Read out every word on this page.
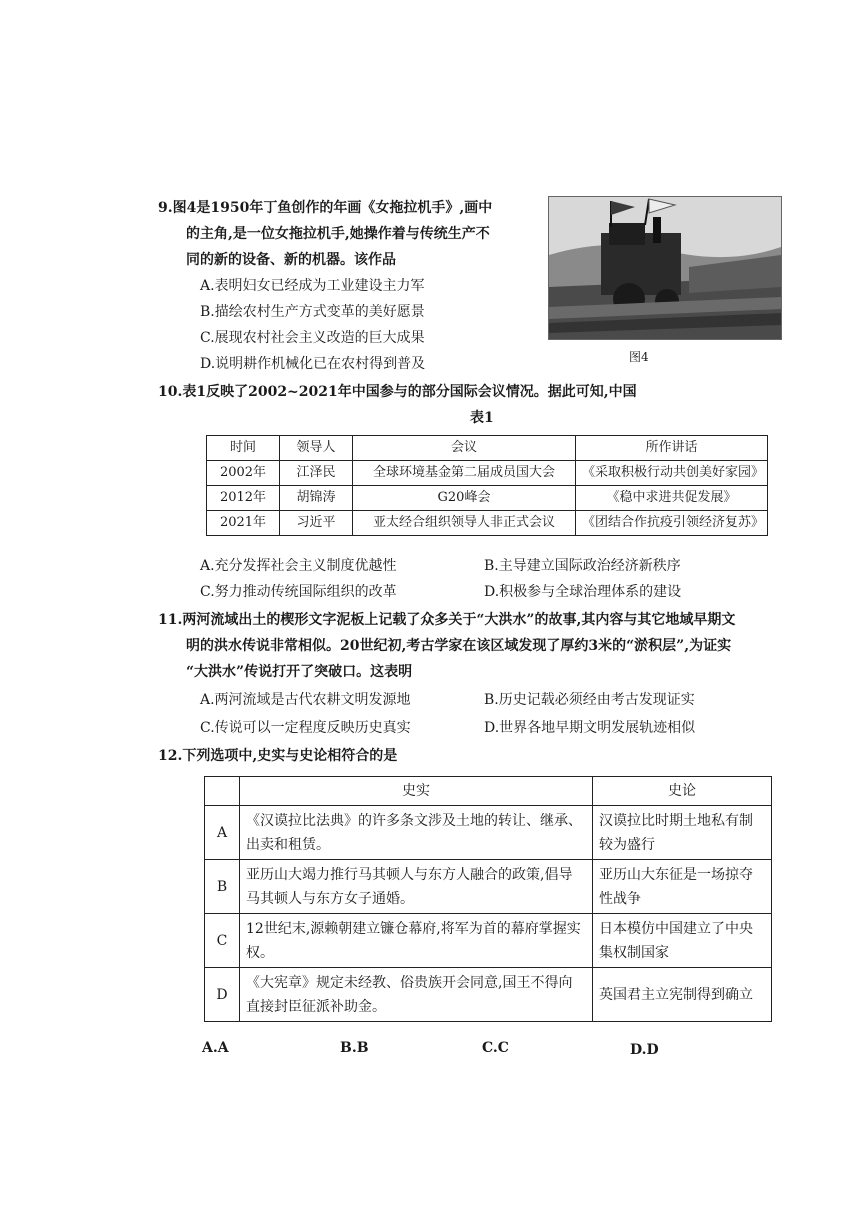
9.图4是1950年丁鱼创作的年画《女拖拉机手》,画中
的主角,是一位女拖拉机手,她操作着与传统生产不
同的新的设备、新的机器。该作品
A.表明妇女已经成为工业建设主力军
B.描绘农村生产方式变革的美好愿景
C.展现农村社会主义改造的巨大成果
D.说明耕作机械化已在农村得到普及	图4
10.表1反映了2002~2021年中国参与的部分国际会议情况。据此可知,中国
表1
时间	领导人	会议	所作讲话
2002年	江泽民	全球环境基金第二届成员国大会	《采取积极行动共创美好家园》
2012年	胡锦涛	G20峰会	《稳中求进共促发展》
2021年	习近平	亚太经合组织领导人非正式会议	《团结合作抗疫引领经济复苏》
A.充分发挥社会主义制度优越性	B.主导建立国际政治经济新秩序
C.努力推动传统国际组织的改革	D.积极参与全球治理体系的建设
11.两河流域出土的楔形文字泥板上记载了众多关于“大洪水”的故事,其内容与其它地域早期文
明的洪水传说非常相似。20世纪初,考古学家在该区域发现了厚约3米的“淤积层”,为证实
“大洪水”传说打开了突破口。这表明
A.两河流域是古代农耕文明发源地	B.历史记载必须经由考古发现证实
C.传说可以一定程度反映历史真实	D.世界各地早期文明发展轨迹相似
12.下列选项中,史实与史论相符合的是
	史实	史论
A	《汉谟拉比法典》的许多条文涉及土地的转让、继承、出卖和租赁。	汉谟拉比时期土地私有制较为盛行
B	亚历山大竭力推行马其顿人与东方人融合的政策,倡导马其顿人与东方女子通婚。	亚历山大东征是一场掠夺性战争
C	12世纪末,源赖朝建立镰仓幕府,将军为首的幕府掌握实权。	日本模仿中国建立了中央集权制国家
D	《大宪章》规定未经教、俗贵族开会同意,国王不得向直接封臣征派补助金。	英国君主立宪制得到确立
A.A	B.B	C.C	D.D
